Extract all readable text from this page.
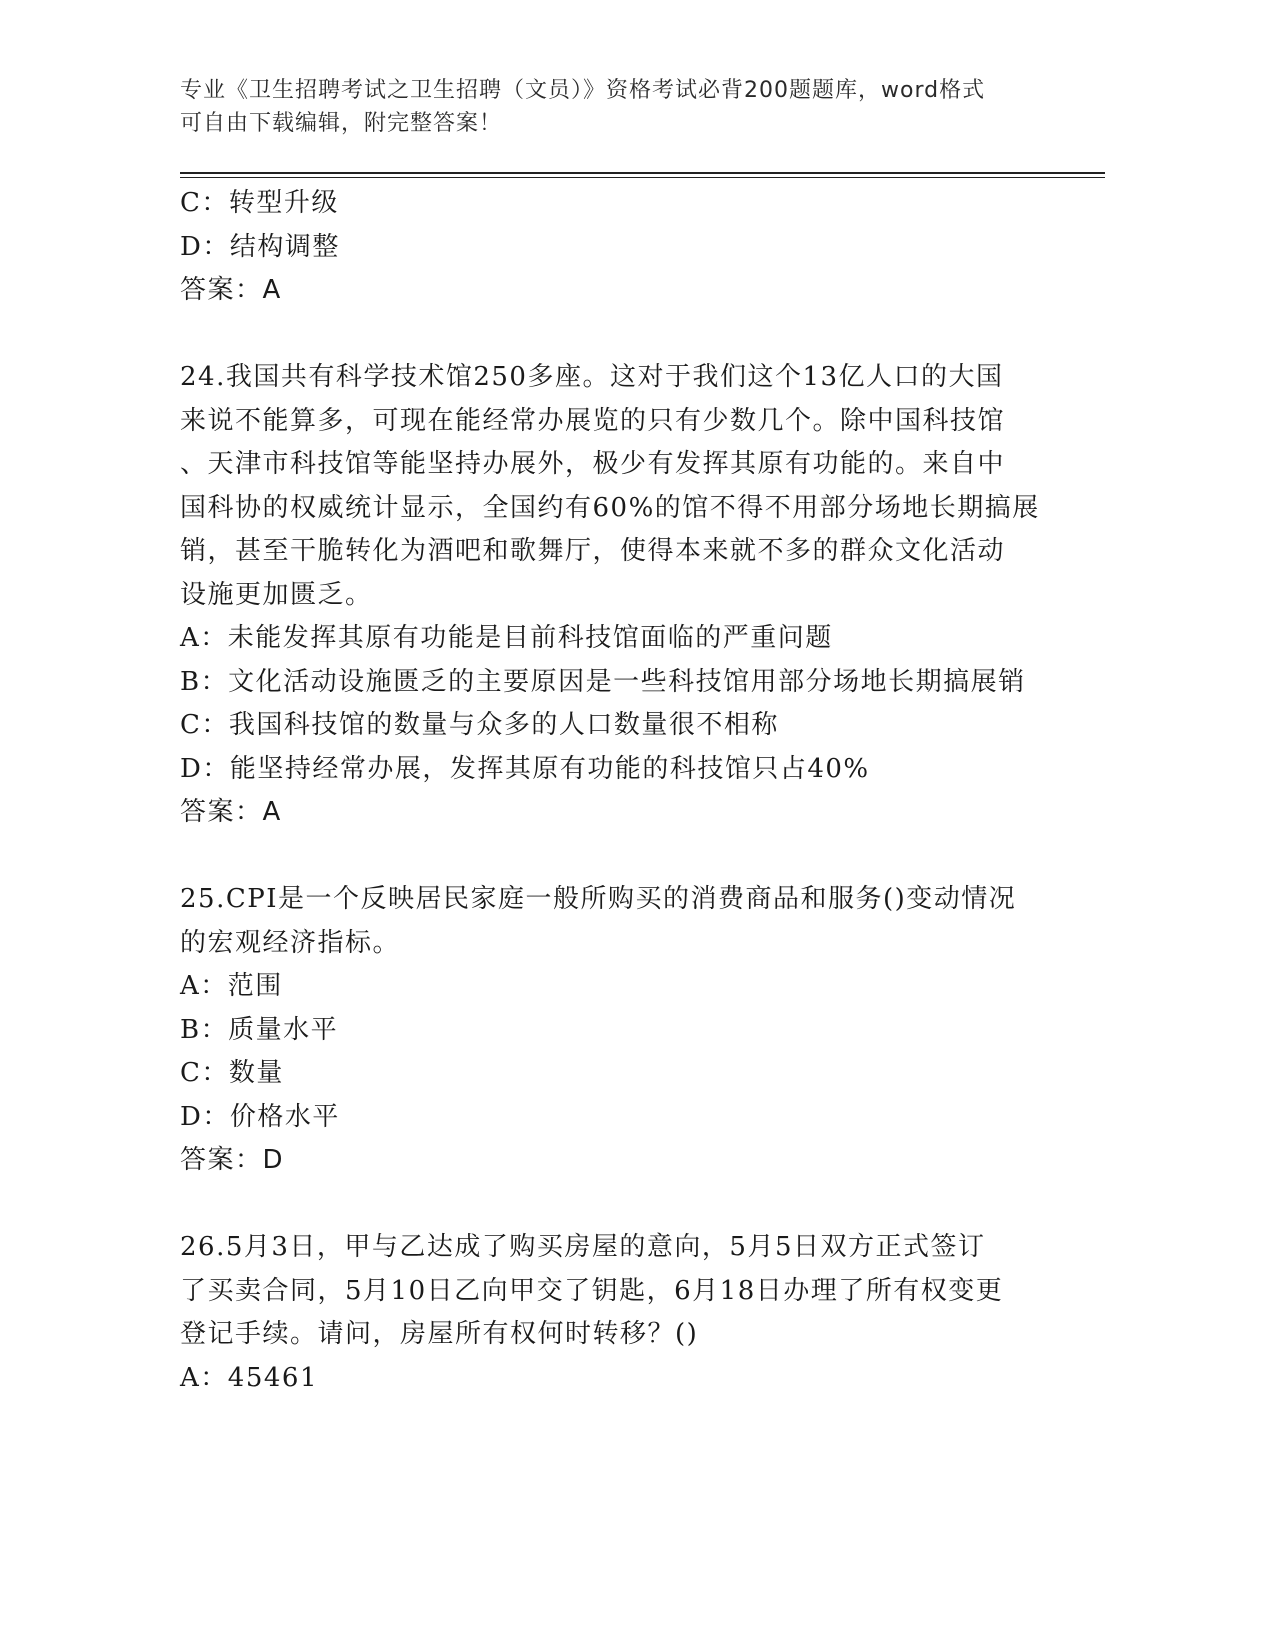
专业《卫生招聘考试之卫生招聘（文员）》资格考试必背200题题库，word格式
可自由下载编辑，附完整答案！
C：转型升级
D：结构调整
答案：A
24.我国共有科学技术馆250多座。这对于我们这个13亿人口的大国
来说不能算多，可现在能经常办展览的只有少数几个。除中国科技馆
、天津市科技馆等能坚持办展外，极少有发挥其原有功能的。来自中
国科协的权威统计显示，全国约有60%的馆不得不用部分场地长期搞展
销，甚至干脆转化为酒吧和歌舞厅，使得本来就不多的群众文化活动
设施更加匮乏。
A：未能发挥其原有功能是目前科技馆面临的严重问题
B：文化活动设施匮乏的主要原因是一些科技馆用部分场地长期搞展销
C：我国科技馆的数量与众多的人口数量很不相称
D：能坚持经常办展，发挥其原有功能的科技馆只占40%
答案：A
25.CPI是一个反映居民家庭一般所购买的消费商品和服务()变动情况
的宏观经济指标。
A：范围
B：质量水平
C：数量
D：价格水平
答案：D
26.5月3日，甲与乙达成了购买房屋的意向，5月5日双方正式签订
了买卖合同，5月10日乙向甲交了钥匙，6月18日办理了所有权变更
登记手续。请问，房屋所有权何时转移？()
A：45461
